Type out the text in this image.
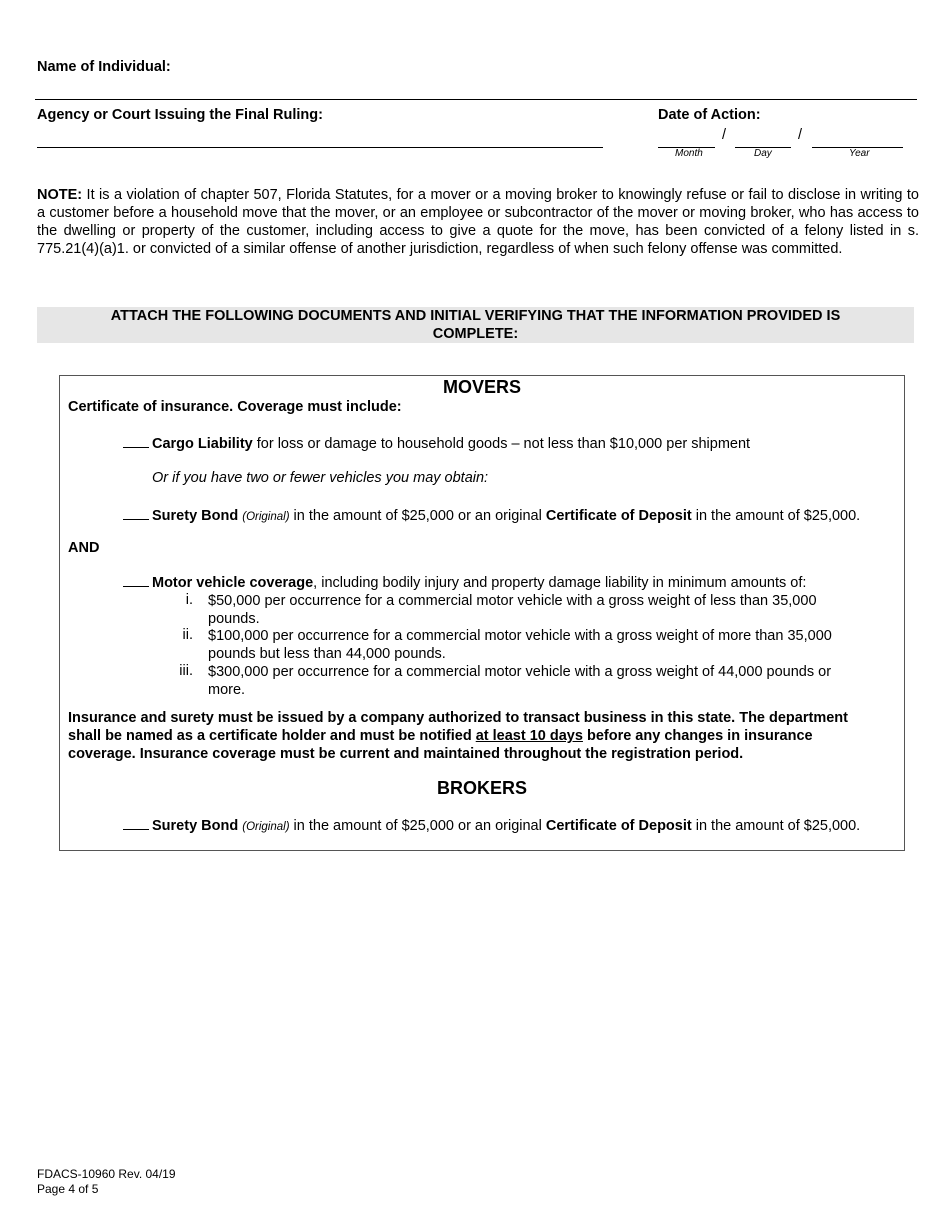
Name of Individual:
Agency or Court Issuing the Final Ruling:	Date of Action:
/	/
Month	Day	Year
NOTE: It is a violation of chapter 507, Florida Statutes, for a mover or a moving broker to knowingly refuse or fail to disclose in writing to a customer before a household move that the mover, or an employee or subcontractor of the mover or moving broker, who has access to the dwelling or property of the customer, including access to give a quote for the move, has been convicted of a felony listed in s. 775.21(4)(a)1. or convicted of a similar offense of another jurisdiction, regardless of when such felony offense was committed.
ATTACH THE FOLLOWING DOCUMENTS AND INITIAL VERIFYING THAT THE INFORMATION PROVIDED IS
COMPLETE:
MOVERS
Certificate of insurance. Coverage must include:
Cargo Liability for loss or damage to household goods – not less than $10,000 per shipment
Or if you have two or fewer vehicles you may obtain:
Surety Bond (Original) in the amount of $25,000 or an original Certificate of Deposit in the amount of $25,000.
AND
Motor vehicle coverage, including bodily injury and property damage liability in minimum amounts of:
i. $50,000 per occurrence for a commercial motor vehicle with a gross weight of less than 35,000
pounds.
ii. $100,000 per occurrence for a commercial motor vehicle with a gross weight of more than 35,000
pounds but less than 44,000 pounds.
iii. $300,000 per occurrence for a commercial motor vehicle with a gross weight of 44,000 pounds or
more.
Insurance and surety must be issued by a company authorized to transact business in this state. The department
shall be named as a certificate holder and must be notified at least 10 days before any changes in insurance
coverage. Insurance coverage must be current and maintained throughout the registration period.
BROKERS
Surety Bond (Original) in the amount of $25,000 or an original Certificate of Deposit in the amount of $25,000.
FDACS-10960 Rev. 04/19
Page 4 of 5
